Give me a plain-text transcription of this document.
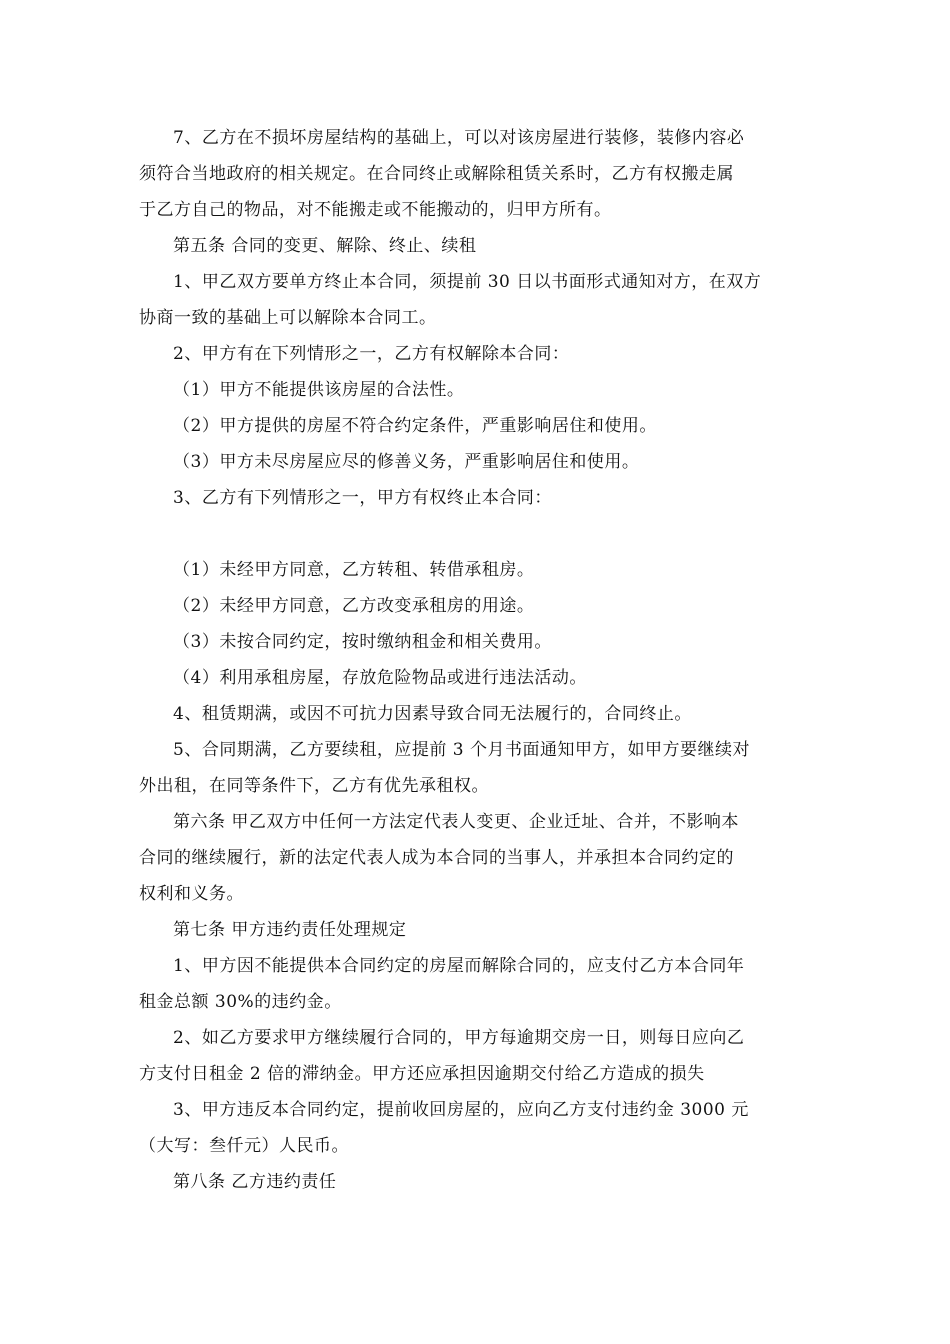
7、乙方在不损坏房屋结构的基础上，可以对该房屋进行装修，装修内容必
须符合当地政府的相关规定。在合同终止或解除租赁关系时，乙方有权搬走属
于乙方自己的物品，对不能搬走或不能搬动的，归甲方所有。
第五条 合同的变更、解除、终止、续租
1、甲乙双方要单方终止本合同，须提前 30 日以书面形式通知对方，在双方
协商一致的基础上可以解除本合同工。
2、甲方有在下列情形之一，乙方有权解除本合同：
（1）甲方不能提供该房屋的合法性。
（2）甲方提供的房屋不符合约定条件，严重影响居住和使用。
（3）甲方未尽房屋应尽的修善义务，严重影响居住和使用。
3、乙方有下列情形之一，甲方有权终止本合同：
（1）未经甲方同意，乙方转租、转借承租房。
（2）未经甲方同意，乙方改变承租房的用途。
（3）未按合同约定，按时缴纳租金和相关费用。
（4）利用承租房屋，存放危险物品或进行违法活动。
4、租赁期满，或因不可抗力因素导致合同无法履行的，合同终止。
5、合同期满，乙方要续租，应提前 3 个月书面通知甲方，如甲方要继续对
外出租，在同等条件下，乙方有优先承租权。
第六条 甲乙双方中任何一方法定代表人变更、企业迁址、合并，不影响本
合同的继续履行，新的法定代表人成为本合同的当事人，并承担本合同约定的
权利和义务。
第七条 甲方违约责任处理规定
1、甲方因不能提供本合同约定的房屋而解除合同的，应支付乙方本合同年
租金总额 30%的违约金。
2、如乙方要求甲方继续履行合同的，甲方每逾期交房一日，则每日应向乙
方支付日租金 2 倍的滞纳金。甲方还应承担因逾期交付给乙方造成的损失
3、甲方违反本合同约定，提前收回房屋的，应向乙方支付违约金 3000 元
（大写：叁仟元）人民币。
第八条 乙方违约责任
